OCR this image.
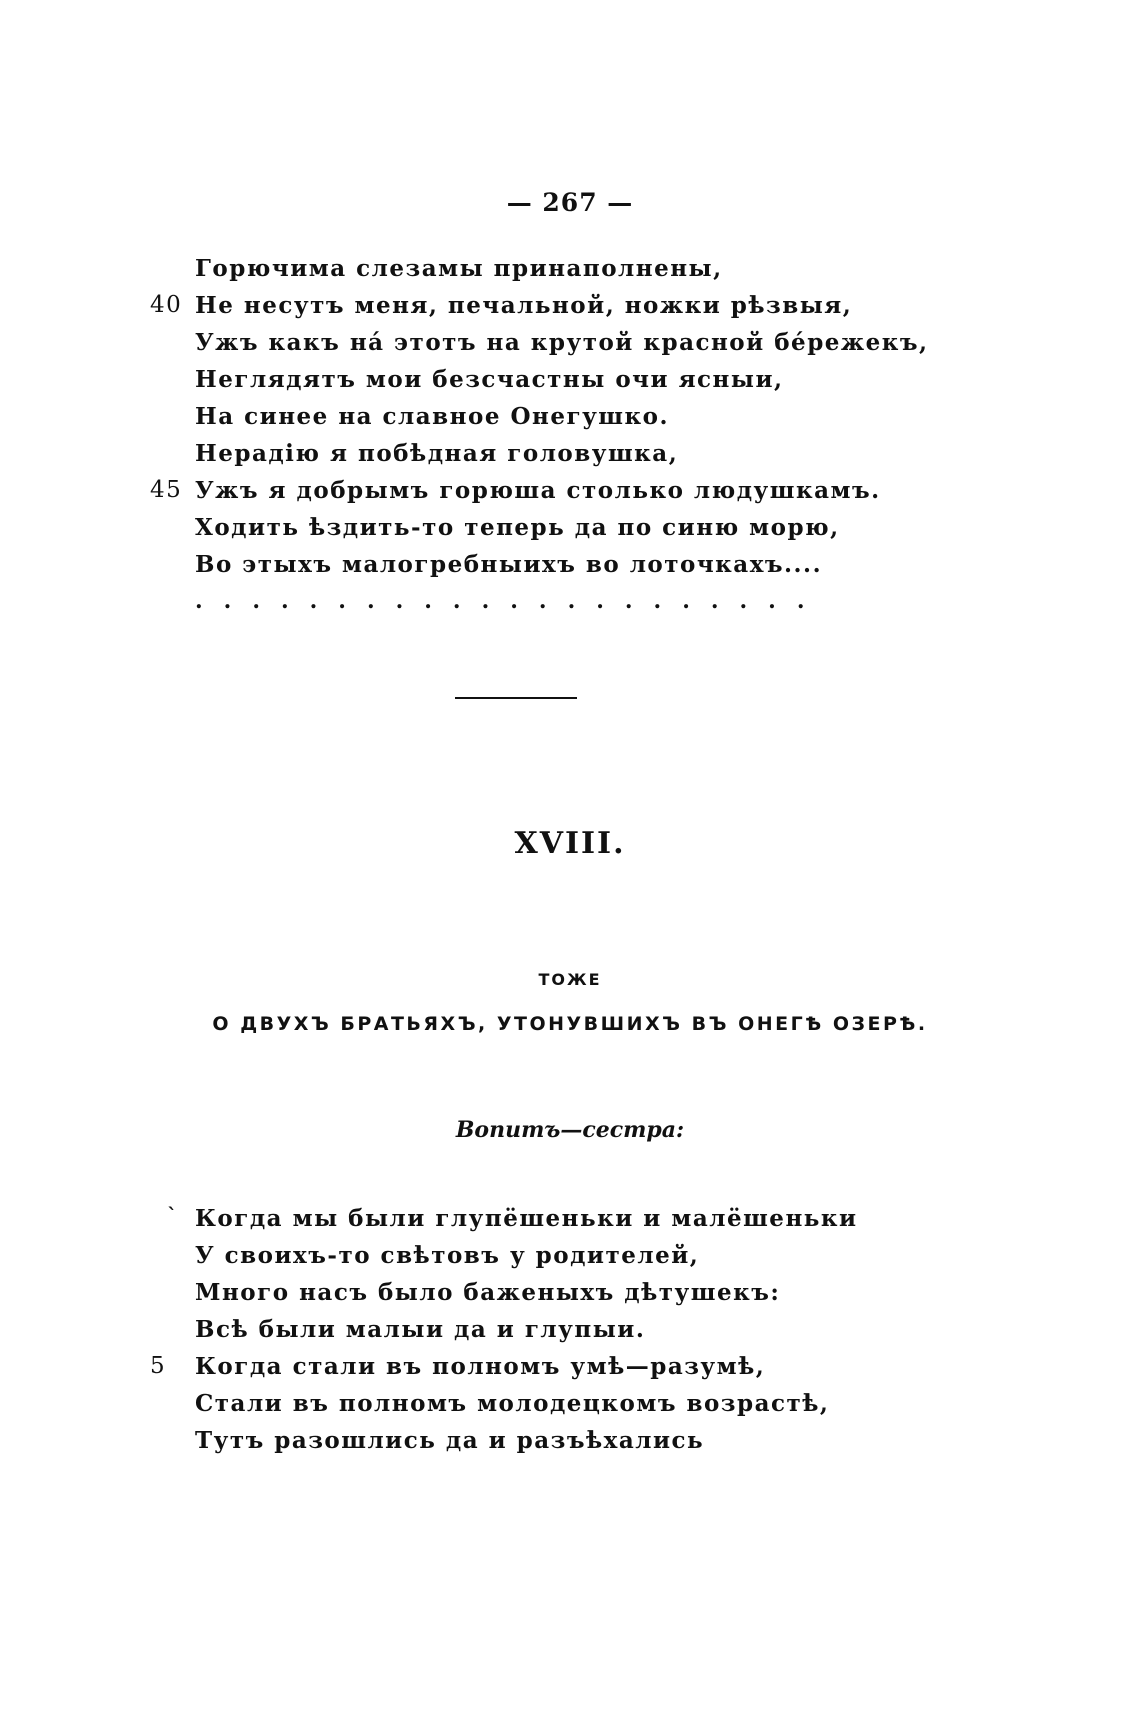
— 267 —
Горючима слезамы принаполнены,
40 Не несутъ меня, печальной, ножки рѣзвыя,
Ужъ какъ на́ этотъ на крутой красной бе́режекъ,
Неглядятъ мои безсчастны очи ясныи,
На синее на славное Онегушко.
Нерадію я побѣдная головушка,
45 Ужъ я добрымъ горюша столько людушкамъ.
Ходить ѣздить-то теперь да по синю морю,
Во этыхъ малогребныихъ во лоточкахъ....
......................
XVIII.
ТОЖЕ
О ДВУХЪ БРАТЬЯХЪ, УТОНУВШИХЪ ВЪ ОНЕГѢ ОЗЕРѢ.
Вопитъ—сестра:
` Когда мы были глупёшеньки и малёшеньки
У своихъ-то свѣтовъ у родителей,
Много насъ было баженыхъ дѣтушекъ:
Всѣ были малыи да и глупыи.
5	Когда стали въ полномъ умѣ—разумѣ,
Стали въ полномъ молодецкомъ возрастѣ,
Тутъ разошлись да и разъѣхались
